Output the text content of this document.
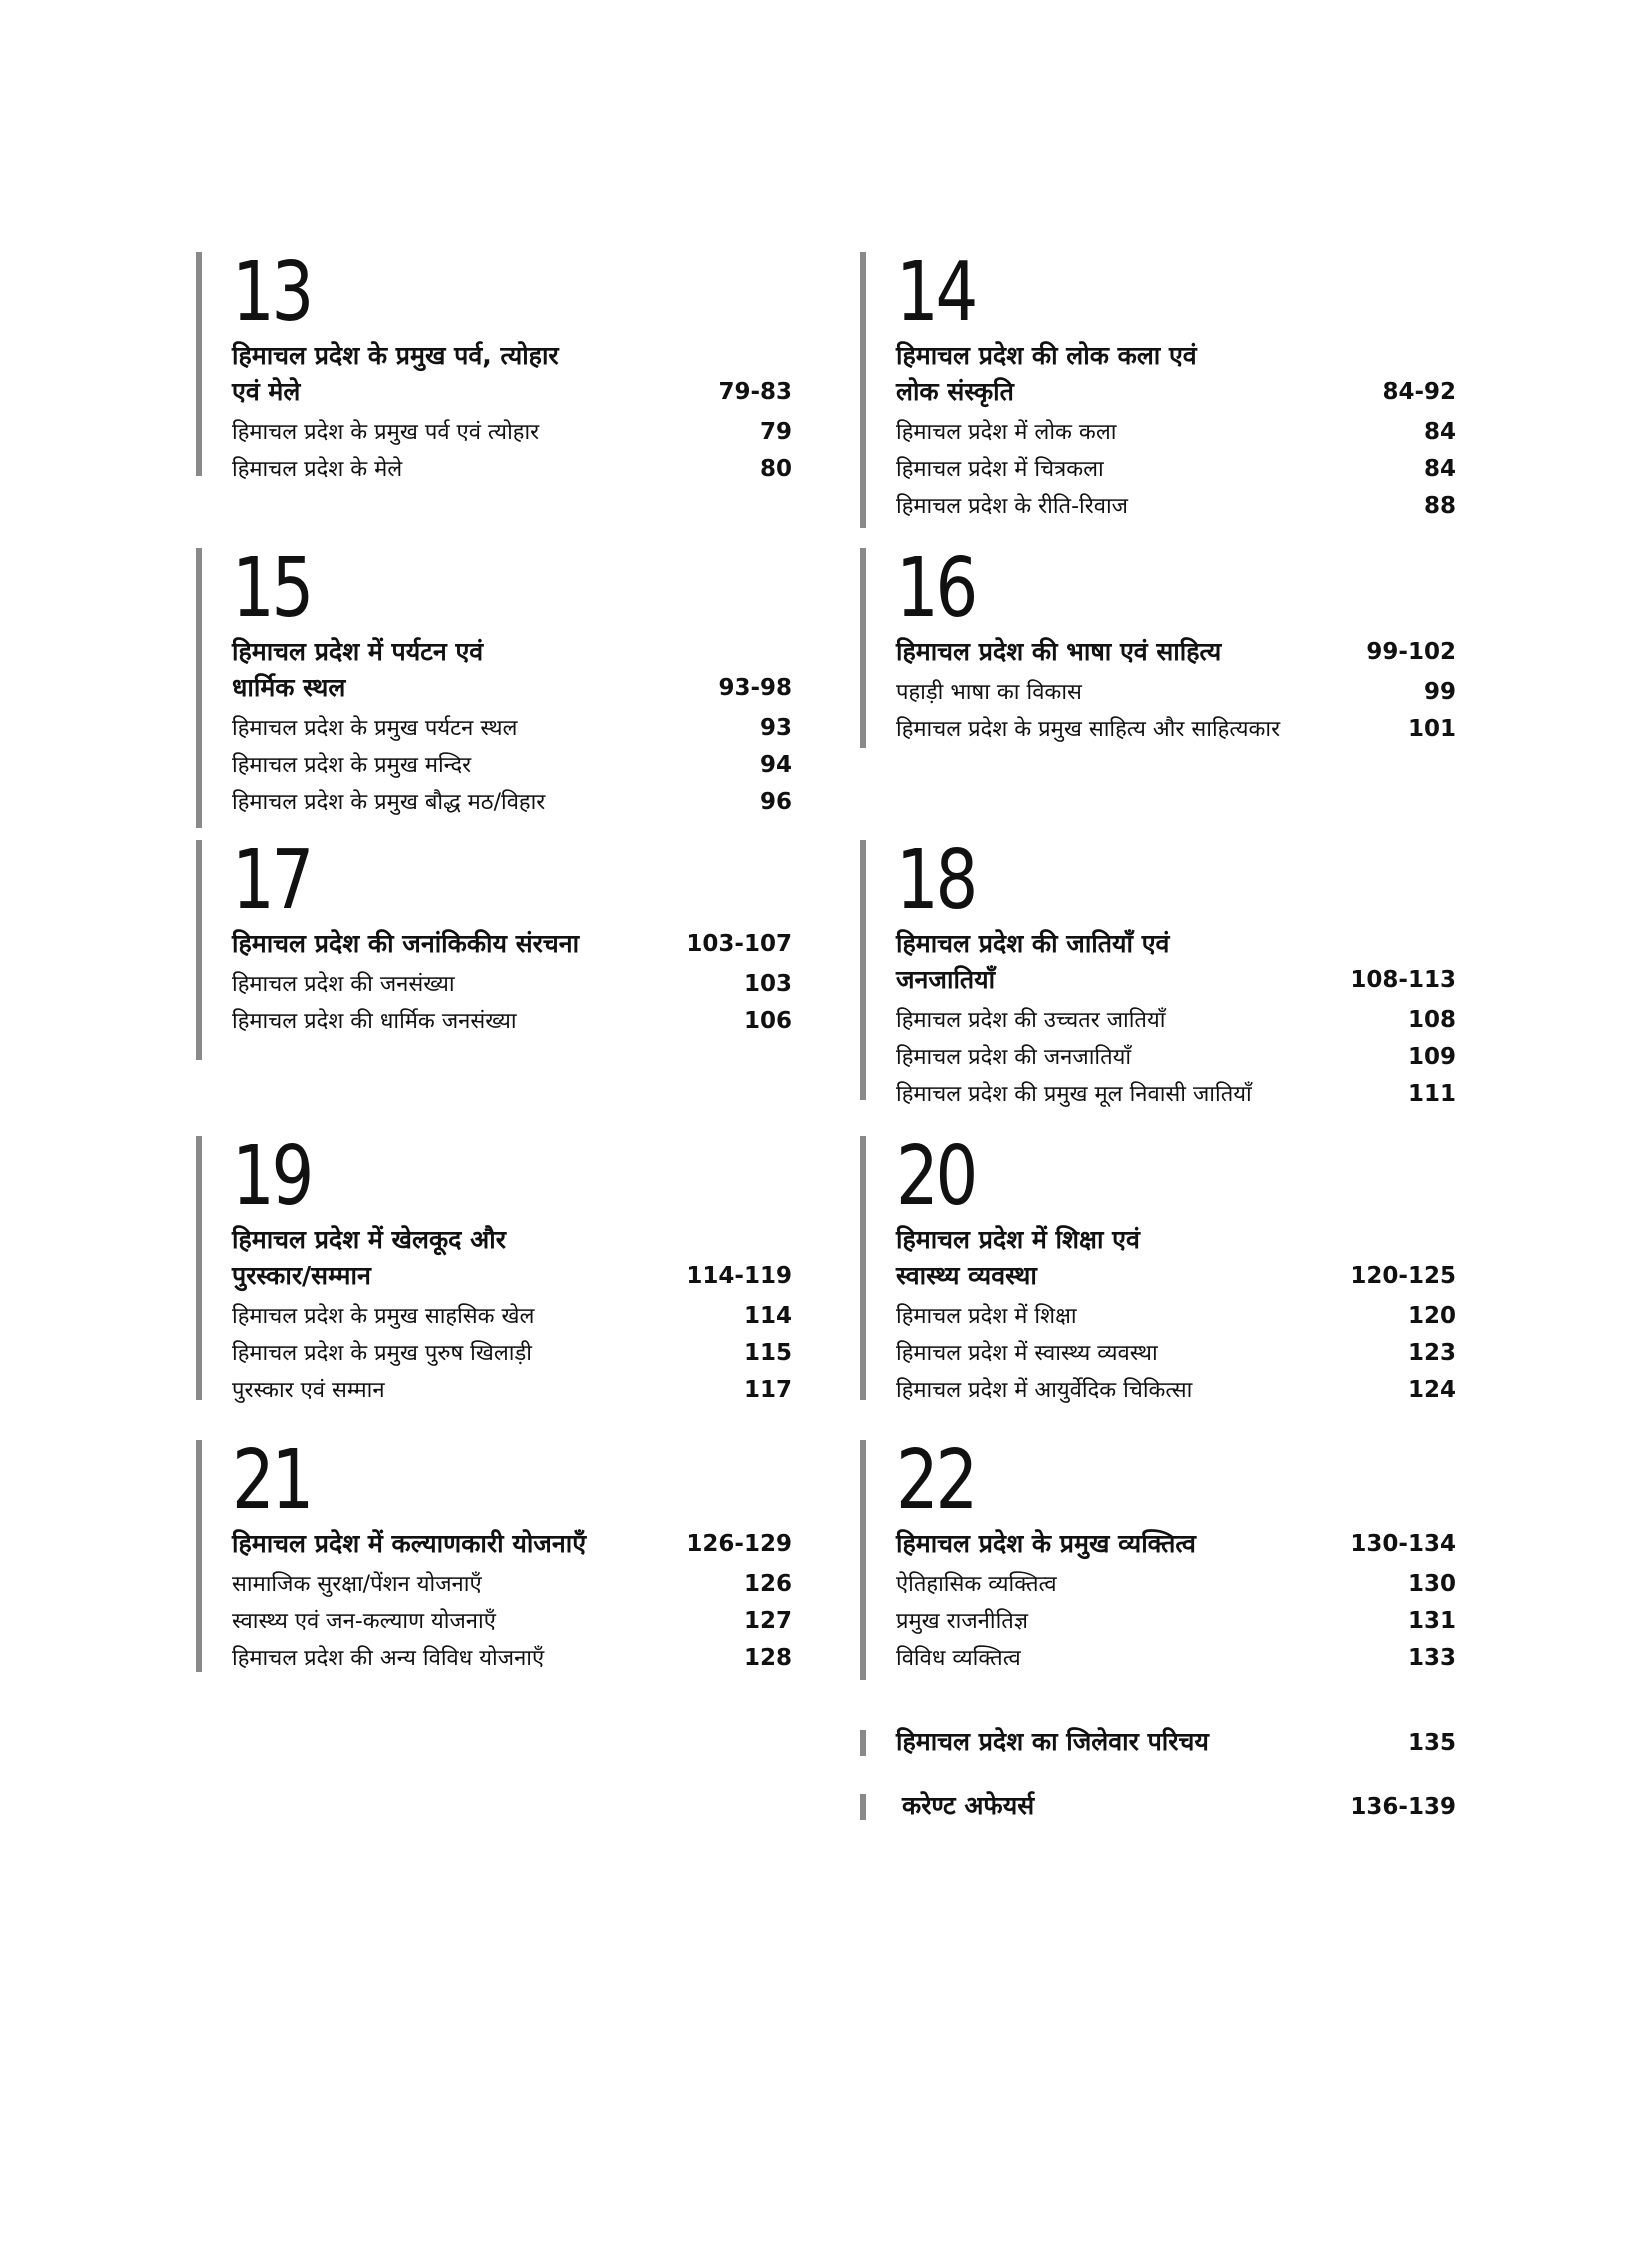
13
हिमाचल प्रदेश के प्रमुख पर्व, त्योहार
एवं मेले	79-83
हिमाचल प्रदेश के प्रमुख पर्व एवं त्योहार	79
हिमाचल प्रदेश के मेले	80
14
हिमाचल प्रदेश की लोक कला एवं
लोक संस्कृति	84-92
हिमाचल प्रदेश में लोक कला	84
हिमाचल प्रदेश में चित्रकला	84
हिमाचल प्रदेश के रीति-रिवाज	88
15
हिमाचल प्रदेश में पर्यटन एवं
धार्मिक स्थल	93-98
हिमाचल प्रदेश के प्रमुख पर्यटन स्थल	93
हिमाचल प्रदेश के प्रमुख मन्दिर	94
हिमाचल प्रदेश के प्रमुख बौद्ध मठ/विहार	96
16
हिमाचल प्रदेश की भाषा एवं साहित्य	99-102
पहाड़ी भाषा का विकास	99
हिमाचल प्रदेश के प्रमुख साहित्य और साहित्यकार	101
17
हिमाचल प्रदेश की जनांकिकीय संरचना	103-107
हिमाचल प्रदेश की जनसंख्या	103
हिमाचल प्रदेश की धार्मिक जनसंख्या	106
18
हिमाचल प्रदेश की जातियाँ एवं
जनजातियाँ	108-113
हिमाचल प्रदेश की उच्चतर जातियाँ	108
हिमाचल प्रदेश की जनजातियाँ	109
हिमाचल प्रदेश की प्रमुख मूल निवासी जातियाँ	111
19
हिमाचल प्रदेश में खेलकूद और
पुरस्कार/सम्मान	114-119
हिमाचल प्रदेश के प्रमुख साहसिक खेल	114
हिमाचल प्रदेश के प्रमुख पुरुष खिलाड़ी	115
पुरस्कार एवं सम्मान	117
20
हिमाचल प्रदेश में शिक्षा एवं
स्वास्थ्य व्यवस्था	120-125
हिमाचल प्रदेश में शिक्षा	120
हिमाचल प्रदेश में स्वास्थ्य व्यवस्था	123
हिमाचल प्रदेश में आयुर्वेदिक चिकित्सा	124
21
हिमाचल प्रदेश में कल्याणकारी योजनाएँ	126-129
सामाजिक सुरक्षा/पेंशन योजनाएँ	126
स्वास्थ्य एवं जन-कल्याण योजनाएँ	127
हिमाचल प्रदेश की अन्य विविध योजनाएँ	128
22
हिमाचल प्रदेश के प्रमुख व्यक्तित्व	130-134
ऐतिहासिक व्यक्तित्व	130
प्रमुख राजनीतिज्ञ	131
विविध व्यक्तित्व	133
हिमाचल प्रदेश का जिलेवार परिचय	135
करेण्ट अफेयर्स	136-139
